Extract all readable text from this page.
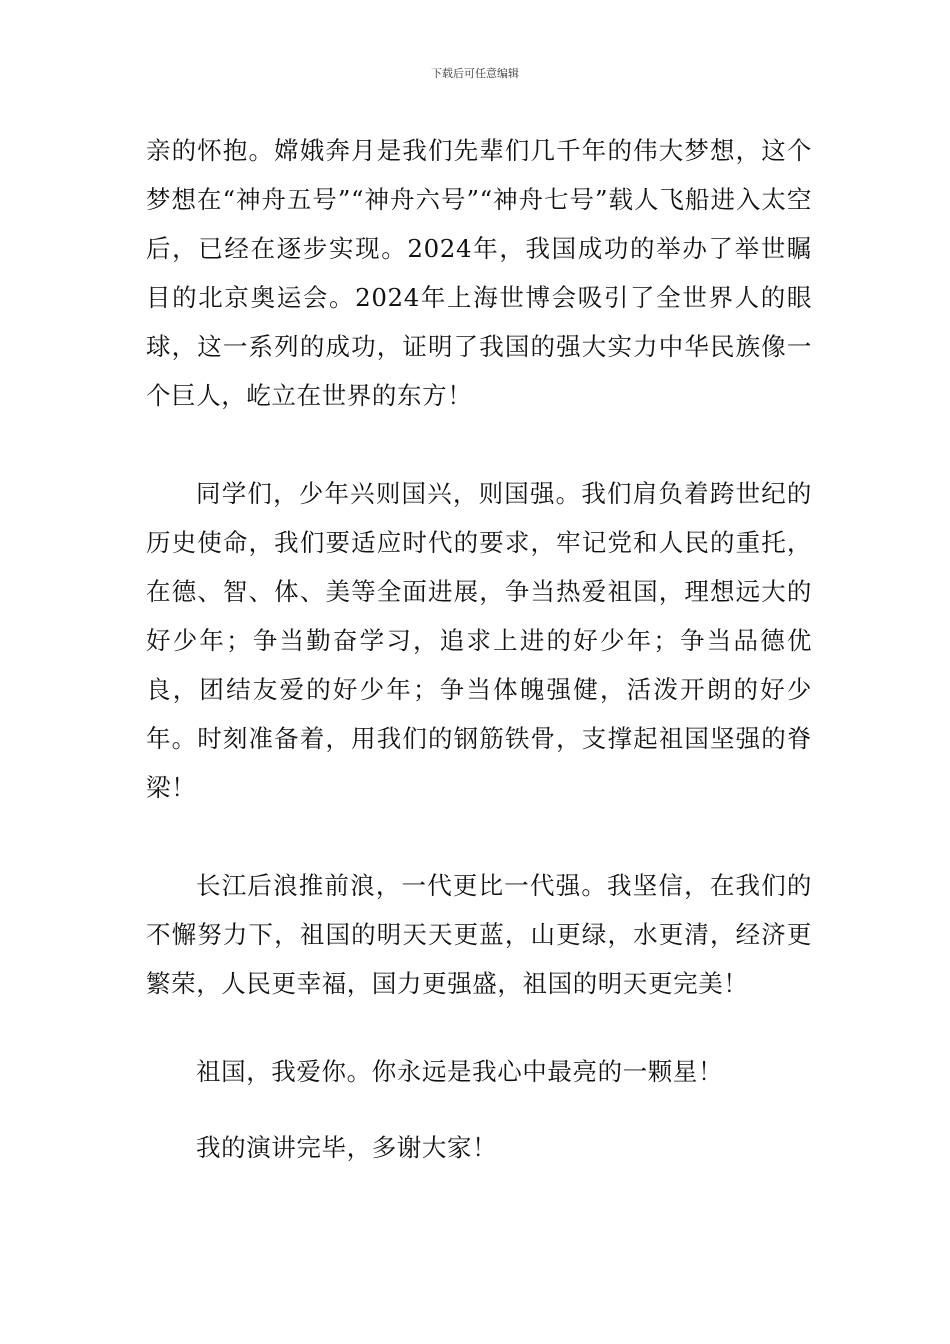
下载后可任意编辑

亲的怀抱。嫦娥奔月是我们先辈们几千年的伟大梦想，这个梦想在“神舟五号”“神舟六号”“神舟七号”载人飞船进入太空后，已经在逐步实现。2024年，我国成功的举办了举世瞩目的北京奥运会。2024年上海世博会吸引了全世界人的眼球，这一系列的成功，证明了我国的强大实力中华民族像一个巨人，屹立在世界的东方！

同学们，少年兴则国兴，则国强。我们肩负着跨世纪的历史使命，我们要适应时代的要求，牢记党和人民的重托，在德、智、体、美等全面进展，争当热爱祖国，理想远大的好少年；争当勤奋学习，追求上进的好少年；争当品德优良，团结友爱的好少年；争当体魄强健，活泼开朗的好少年。时刻准备着，用我们的钢筋铁骨，支撑起祖国坚强的脊梁！

长江后浪推前浪，一代更比一代强。我坚信，在我们的不懈努力下，祖国的明天天更蓝，山更绿，水更清，经济更繁荣，人民更幸福，国力更强盛，祖国的明天更完美！

祖国，我爱你。你永远是我心中最亮的一颗星！

我的演讲完毕，多谢大家！
